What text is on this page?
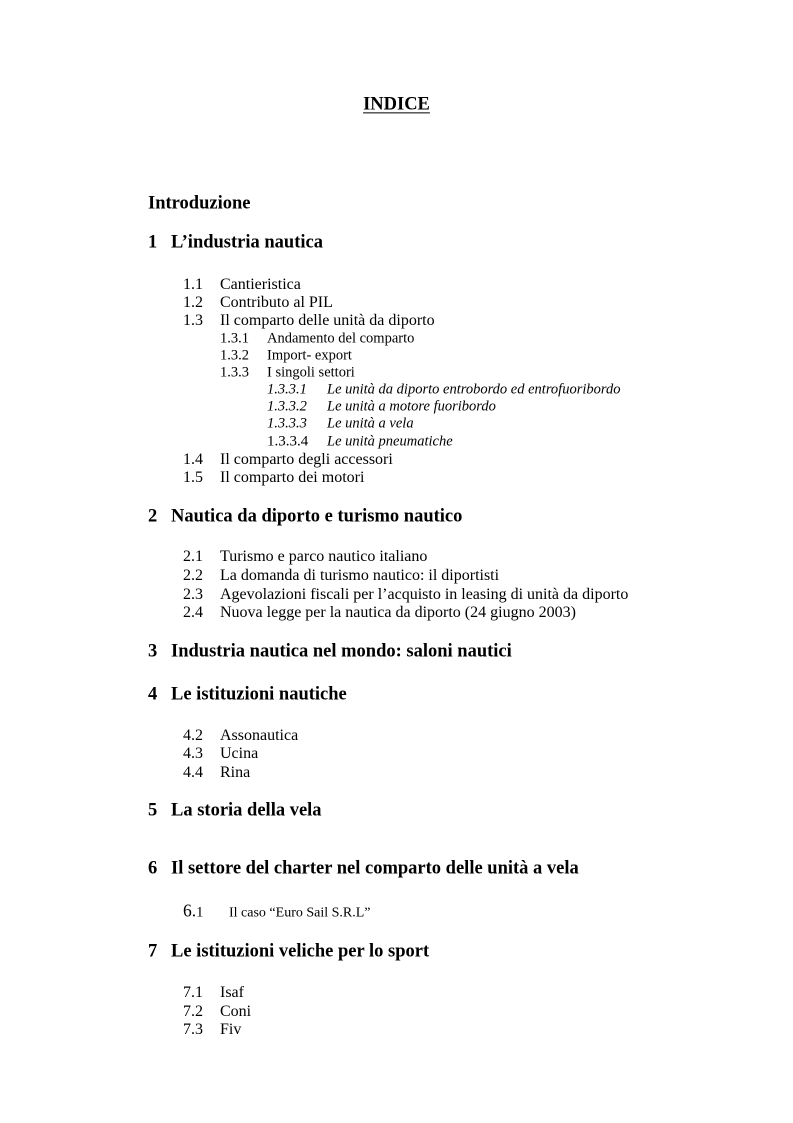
INDICE
Introduzione
1 L’industria nautica
1.1 Cantieristica
1.2 Contributo al PIL
1.3 Il comparto delle unità da diporto
1.3.1 Andamento del comparto
1.3.2 Import- export
1.3.3 I singoli settori
1.3.3.1 Le unità da diporto entrobordo ed entrofuoribordo
1.3.3.2 Le unità a motore fuoribordo
1.3.3.3 Le unità a vela
1.3.3.4 Le unità pneumatiche
1.4 Il comparto degli accessori
1.5 Il comparto dei motori
2 Nautica da diporto e turismo nautico
2.1 Turismo e parco nautico italiano
2.2 La domanda di turismo nautico: il diportisti
2.3 Agevolazioni fiscali per l’acquisto in leasing di unità da diporto
2.4 Nuova legge per la nautica da diporto (24 giugno 2003)
3 Industria nautica nel mondo: saloni nautici
4 Le istituzioni nautiche
4.2 Assonautica
4.3 Ucina
4.4 Rina
5 La storia della vela
6 Il settore del charter nel comparto delle unità a vela
6.1 Il caso “Euro Sail S.R.L”
7 Le istituzioni veliche per lo sport
7.1 Isaf
7.2 Coni
7.3 Fiv
